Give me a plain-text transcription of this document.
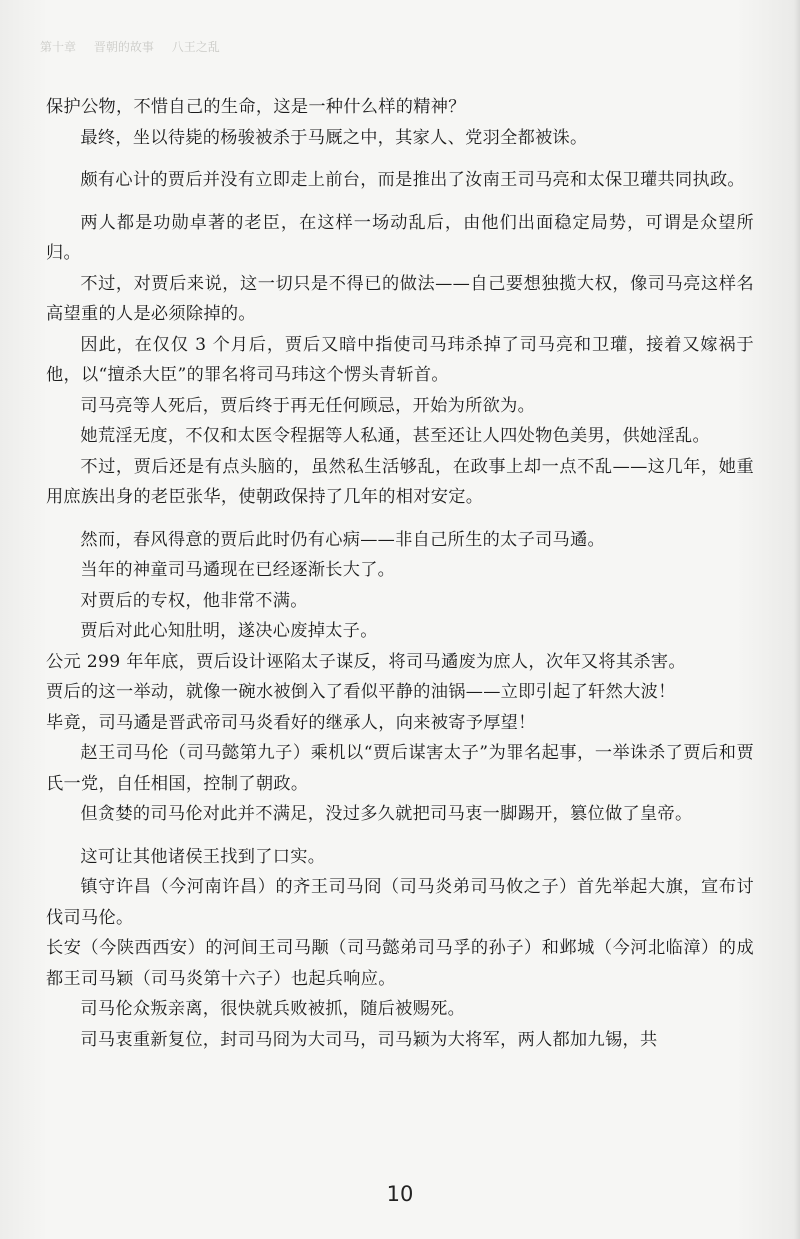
第十章 晋朝的故事 八王之乱

保护公物，不惜自己的生命，这是一种什么样的精神？

最终，坐以待毙的杨骏被杀于马厩之中，其家人、党羽全都被诛。

颇有心计的贾后并没有立即走上前台，而是推出了汝南王司马亮和太保卫瓘共同执政。

两人都是功勋卓著的老臣，在这样一场动乱后，由他们出面稳定局势，可谓是众望所归。

不过，对贾后来说，这一切只是不得已的做法——自己要想独揽大权，像司马亮这样名高望重的人是必须除掉的。

因此，在仅仅 3 个月后，贾后又暗中指使司马玮杀掉了司马亮和卫瓘，接着又嫁祸于他，以“擅杀大臣”的罪名将司马玮这个愣头青斩首。

司马亮等人死后，贾后终于再无任何顾忌，开始为所欲为。

她荒淫无度，不仅和太医令程据等人私通，甚至还让人四处物色美男，供她淫乱。

不过，贾后还是有点头脑的，虽然私生活够乱，在政事上却一点不乱——这几年，她重用庶族出身的老臣张华，使朝政保持了几年的相对安定。

然而，春风得意的贾后此时仍有心病——非自己所生的太子司马遹。

当年的神童司马遹现在已经逐渐长大了。

对贾后的专权，他非常不满。

贾后对此心知肚明，遂决心废掉太子。

公元 299 年年底，贾后设计诬陷太子谋反，将司马遹废为庶人，次年又将其杀害。

贾后的这一举动，就像一碗水被倒入了看似平静的油锅——立即引起了轩然大波！

毕竟，司马遹是晋武帝司马炎看好的继承人，向来被寄予厚望！

赵王司马伦（司马懿第九子）乘机以“贾后谋害太子”为罪名起事，一举诛杀了贾后和贾氏一党，自任相国，控制了朝政。

但贪婪的司马伦对此并不满足，没过多久就把司马衷一脚踢开，篡位做了皇帝。

这可让其他诸侯王找到了口实。

镇守许昌（今河南许昌）的齐王司马冏（司马炎弟司马攸之子）首先举起大旗，宣布讨伐司马伦。

长安（今陕西西安）的河间王司马颙（司马懿弟司马孚的孙子）和邺城（今河北临漳）的成都王司马颖（司马炎第十六子）也起兵响应。

司马伦众叛亲离，很快就兵败被抓，随后被赐死。

司马衷重新复位，封司马冏为大司马，司马颖为大将军，两人都加九锡，共

10
